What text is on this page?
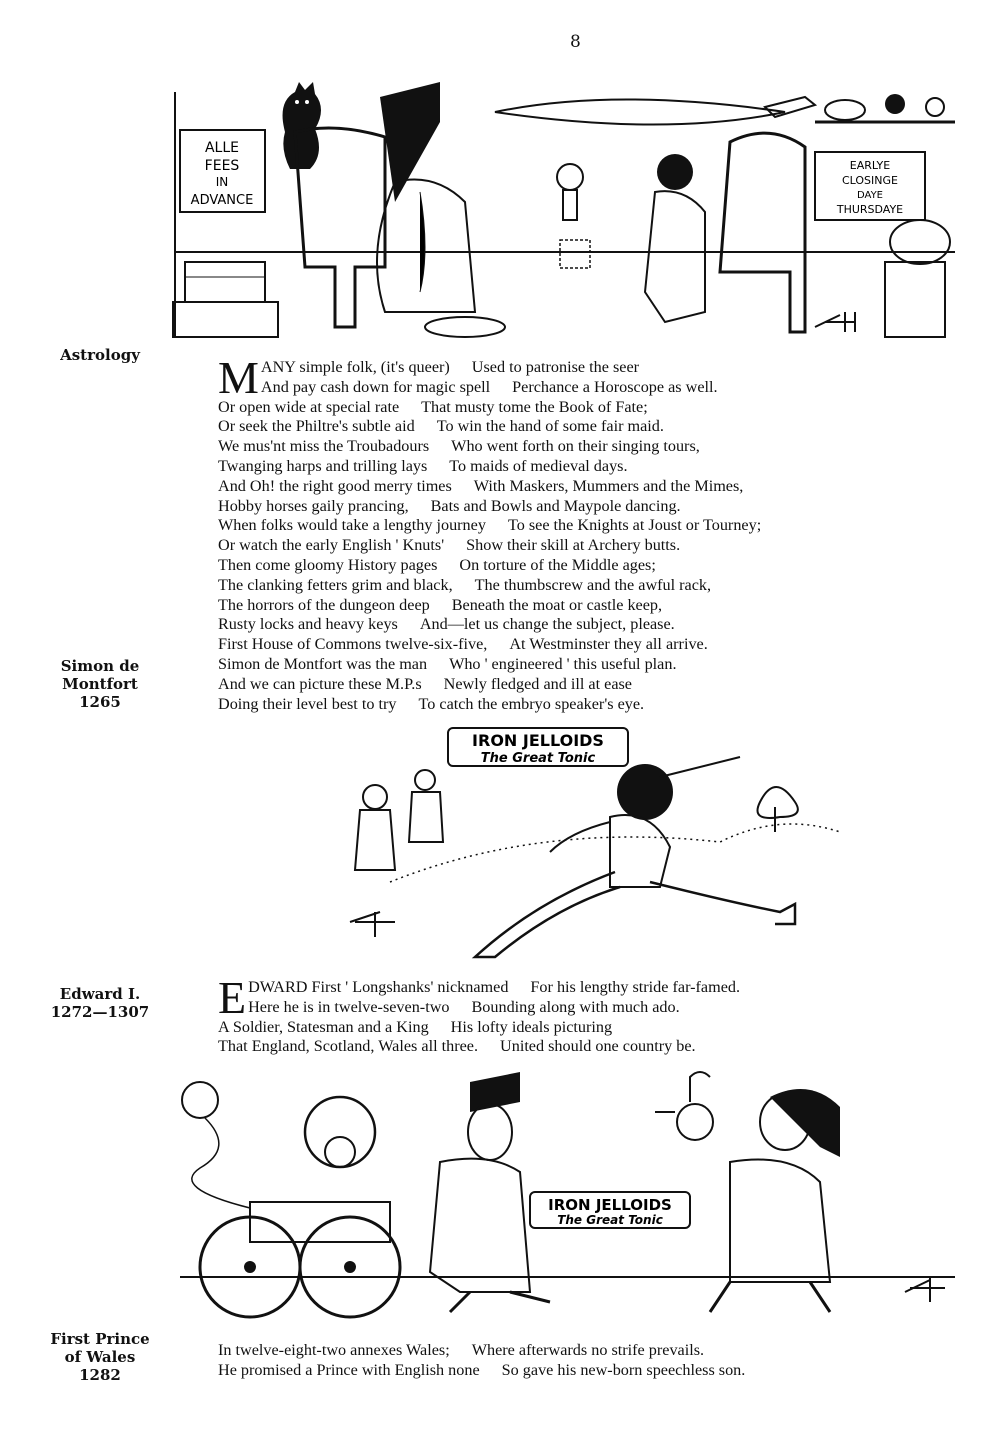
8
ALLE
FEES
IN
ADVANCE
EARLYE
CLOSINGE
DAYE
THURSDAYE
Astrology	M ANY simple folk, (it's queer) Used to patronise the seer
And pay cash down for magic spell Perchance a Horoscope as well.
Or open wide at special rate That musty tome the Book of Fate;
Or seek the Philtre's subtle aid To win the hand of some fair maid.
We mus'nt miss the Troubadours Who went forth on their singing tours,
Twanging harps and trilling lays To maids of medieval days.
And Oh! the right good merry times With Maskers, Mummers and the Mimes,
Hobby horses gaily prancing, Bats and Bowls and Maypole dancing.
When folks would take a lengthy journey To see the Knights at Joust or Tourney;
Or watch the early English ' Knuts' Show their skill at Archery butts.
Then come gloomy History pages On torture of the Middle ages;
The clanking fetters grim and black, The thumbscrew and the awful rack,
The horrors of the dungeon deep Beneath the moat or castle keep,
Rusty locks and heavy keys And—let us change the subject, please.
First House of Commons twelve-six-five, At Westminster they all arrive.
Simon de Montfort was the man Who ' engineered ' this useful plan.
And we can picture these M.P.s Newly fledged and ill at ease
Doing their level best to try To catch the embryo speaker's eye.
Simon de
Montfort
1265
IRON JELLOIDS
The Great Tonic
Edward I.
1272—1307	E DWARD First ' Longshanks' nicknamed For his lengthy stride far-famed.
Here he is in twelve-seven-two Bounding along with much ado.
A Soldier, Statesman and a King His lofty ideals picturing
That England, Scotland, Wales all three. United should one country be.
IRON JELLOIDS
The Great Tonic
First Prince
of Wales
1282
In twelve-eight-two annexes Wales; Where afterwards no strife prevails.
He promised a Prince with English none So gave his new-born speechless son.
